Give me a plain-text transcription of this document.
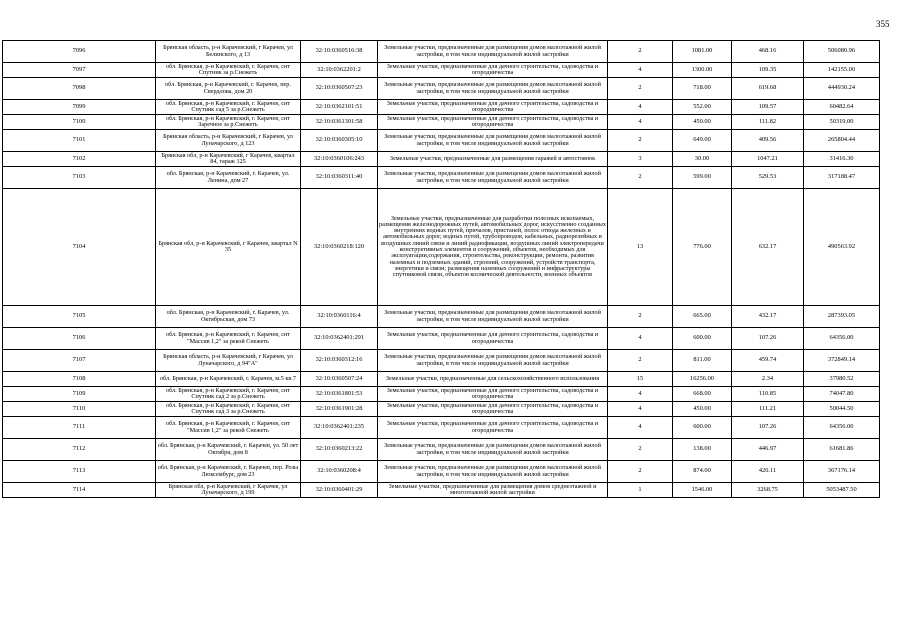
355
7096	Брянская область, р-н Карачевский, г Карачев, ул Белинского, д 13	32:10:0360516:38	Земельные участки, предназначенные для размещения домов малоэтажной жилой застройки, в том числе индивидуальной жилой застройки	2	1081.00	468.16	506080.96
7097	обл. Брянская, р-н Карачевский, г. Карачев, снт Спутник за р.Снежеть	32:10:0362201:2	Земельные участки, предназначенные для дачного строительства, садоводства и огородничества	4	1300.00	109.35	142155.00
7098	обл. Брянская, р-н Карачевский, г. Карачев, пер. Свердлова, дом 20	32:10:0360507:23	Земельные участки, предназначенные для размещения домов малоэтажной жилой застройки, в том числе индивидуальной жилой застройки	2	718.00	619.68	444930.24
7099	обл. Брянская, р-н Карачевский, г. Карачев, снт Спутник сад 5 за р.Снежеть	32:10:0362101:51	Земельные участки, предназначенные для дачного строительства, садоводства и огородничества	4	552.00	109.57	60482.64
7100	обл. Брянская, р-н Карачевский, г. Карачев, снт Заречное за р.Снежеть	32:10:0361301:58	Земельные участки, предназначенные для дачного строительства, садоводства и огородничества	4	450.00	111.82	50319.00
7101	Брянская область, р-н Карачевский, г Карачев, ул Луначарского, д 123	32:10:0360305:10	Земельные участки, предназначенные для размещения домов малоэтажной жилой застройки, в том числе индивидуальной жилой застройки	2	649.00	409.56	265804.44
7102	Брянская обл, р-н Карачевский, г Карачев, квартал 84, гараж 125	32:10:0360106:243	Земельные участки, предназначенные для размещения гаражей и автостоянок	3	30.00	1047.21	31416.30
7103	обл. Брянская, р-н Карачевский, г. Карачев, ул. Ленина, дом 27	32:10:0360311:40	Земельные участки, предназначенные для размещения домов малоэтажной жилой застройки, в том числе индивидуальной жилой застройки	2	599.00	529.53	317188.47
7104	Брянская обл, р-н Карачевский, г Карачев, квартал N 35	32:10:0360218:120	Земельные участки, предназначенные для разработки полезных ископаемых, размещения железнодорожных путей, автомобильных дорог, искусственно созданных внутренних водных путей, причалов, пристаней, полос отвода железных и автомобильных дорог, водных путей, трубопроводов, кабельных, радиорелейных и воздушных линий связи и линий радиофикации, воздушных линий электропередачи конструктивных элементов и сооружений, объектов, необходимых для эксплуатации,содержания, строительства, реконструкции, ремонта, развития наземных и подземных зданий, строений, сооружений, устройств транспорта, энергетики и связи; размещения наземных сооружений и инфраструктуры спутниковой связи, объектов космической деятельности, военных объектов	13	776.00	632.17	490563.92
7105	обл. Брянская, р-н Карачевский, г. Карачев, ул. Октябрьская, дом 73	32:10:0360116:4	Земельные участки, предназначенные для размещения домов малоэтажной жилой застройки, в том числе индивидуальной жилой застройки	2	665.00	432.17	287393.05
7106	обл. Брянская, р-н Карачевский, г. Карачев, снт "Массив 1,2" за рекой Снежеть	32:10:0362401:291	Земельные участки, предназначенные для дачного строительства, садоводства и огородничества	4	600.00	107.26	64356.00
7107	Брянская область, р-н Карачевский, г Карачев, ул Луначарского, д 94"А"	32:10:0360312:16	Земельные участки, предназначенные для размещения домов малоэтажной жилой застройки, в том числе индивидуальной жилой застройки	2	811.00	459.74	372849.14
7108	обл. Брянская, р-н Карачевский, г. Карачев, м.5 кв.7	32:10:0360507:24	Земельные участки, предназначенные для сельскохозяйственного использования	15	16256.00	2.34	37980.52
7109	обл. Брянская, р-н Карачевский, г. Карачев, снт Спутник сад 2 за р.Снежеть	32:10:0361801:53	Земельные участки, предназначенные для дачного строительства, садоводства и огородничества	4	668.00	110.85	74047.80
7110	обл. Брянская, р-н Карачевский, г. Карачев, снт Спутник сад 3 за р.Снежеть	32:10:0361901:28	Земельные участки, предназначенные для дачного строительства, садоводства и огородничества	4	450.00	111.21	50044.50
7111	обл. Брянская, р-н Карачевский, г. Карачев, снт "Массив 1,2" за рекой Снежеть	32:10:0362401:235	Земельные участки, предназначенные для дачного строительства, садоводства и огородничества	4	600.00	107.26	64356.00
7112	обл. Брянская, р-н Карачевский, г. Карачев, ул. 50 лет Октября, дом 8	32:10:0360213:22	Земельные участки, предназначенные для размещения домов малоэтажной жилой застройки, в том числе индивидуальной жилой застройки	2	138.00	446.97	61681.86
7113	обл. Брянская, р-н Карачевский, г. Карачев, пер. Розы Люксембург, дом 23	32:10:0360208:4	Земельные участки, предназначенные для размещения домов малоэтажной жилой застройки, в том числе индивидуальной жилой застройки	2	874.00	420.11	367176.14
7114	Брянская обл, р-н Карачевский, г Карачев, ул Луначарского, д 199	32:10:0360401:29	Земельные участки, предназначенные для размещения домов среднеэтажной и многоэтажной жилой застройки	1	1546.00	3268.75	5053487.50
